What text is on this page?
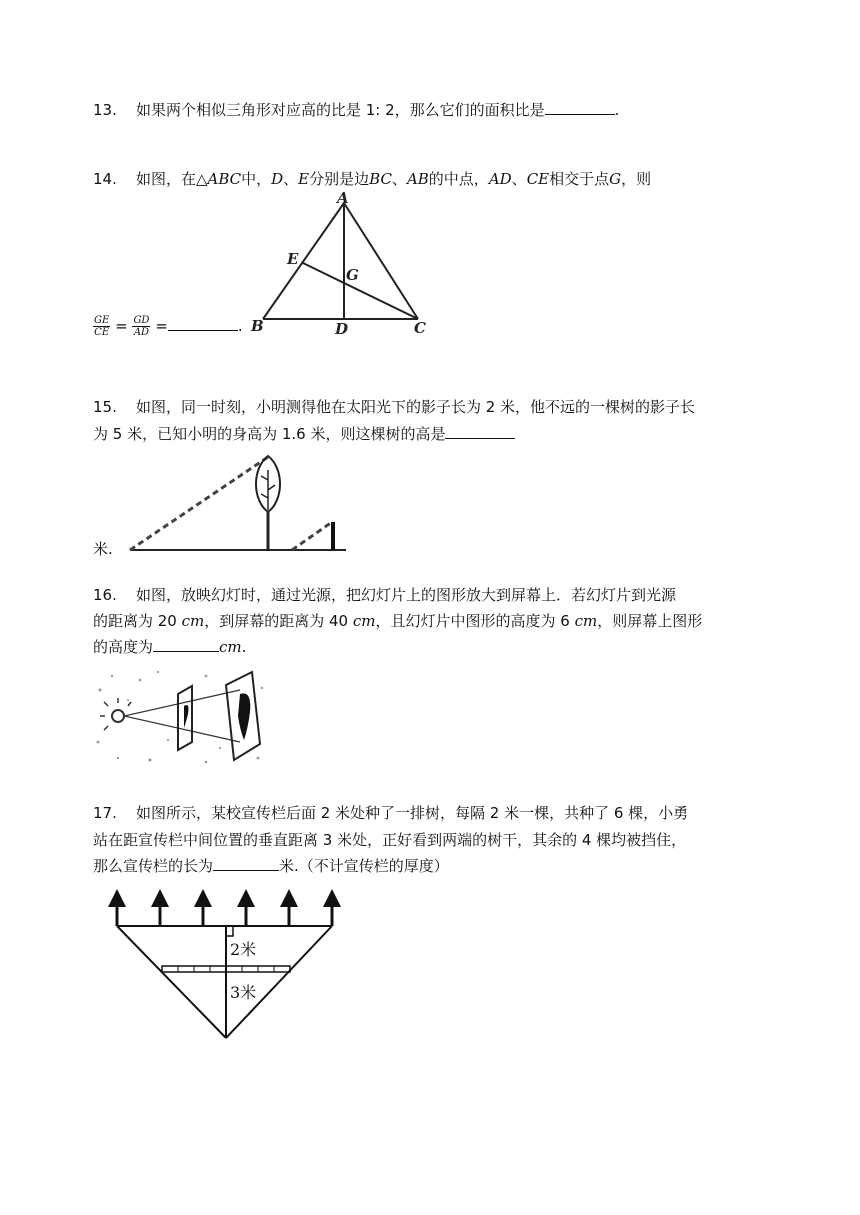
13. 如果两个相似三角形对应高的比是 1: 2，那么它们的面积比是	.
14. 如图，在△ABC中，D、E分别是边BC、AB的中点，AD、CE相交于点G，则
A
B	C
D
E
G
$\frac{GE}{CE} = \frac{GD}{AD}$ =	.
15. 如图，同一时刻，小明测得他在太阳光下的影子长为 2 米，他不远的一棵树的影子长
为 5 米，已知小明的身高为 1.6 米，则这棵树的高是
米.
16. 如图，放映幻灯时，通过光源，把幻灯片上的图形放大到屏幕上．若幻灯片到光源
的距离为 20 cm，到屏幕的距离为 40 cm，且幻灯片中图形的高度为 6 cm，则屏幕上图形
的高度为	cm.
17. 如图所示，某校宣传栏后面 2 米处种了一排树，每隔 2 米一棵，共种了 6 棵，小勇
站在距宣传栏中间位置的垂直距离 3 米处，正好看到两端的树干，其余的 4 棵均被挡住，
那么宣传栏的长为	米.（不计宣传栏的厚度）
2米
3米
